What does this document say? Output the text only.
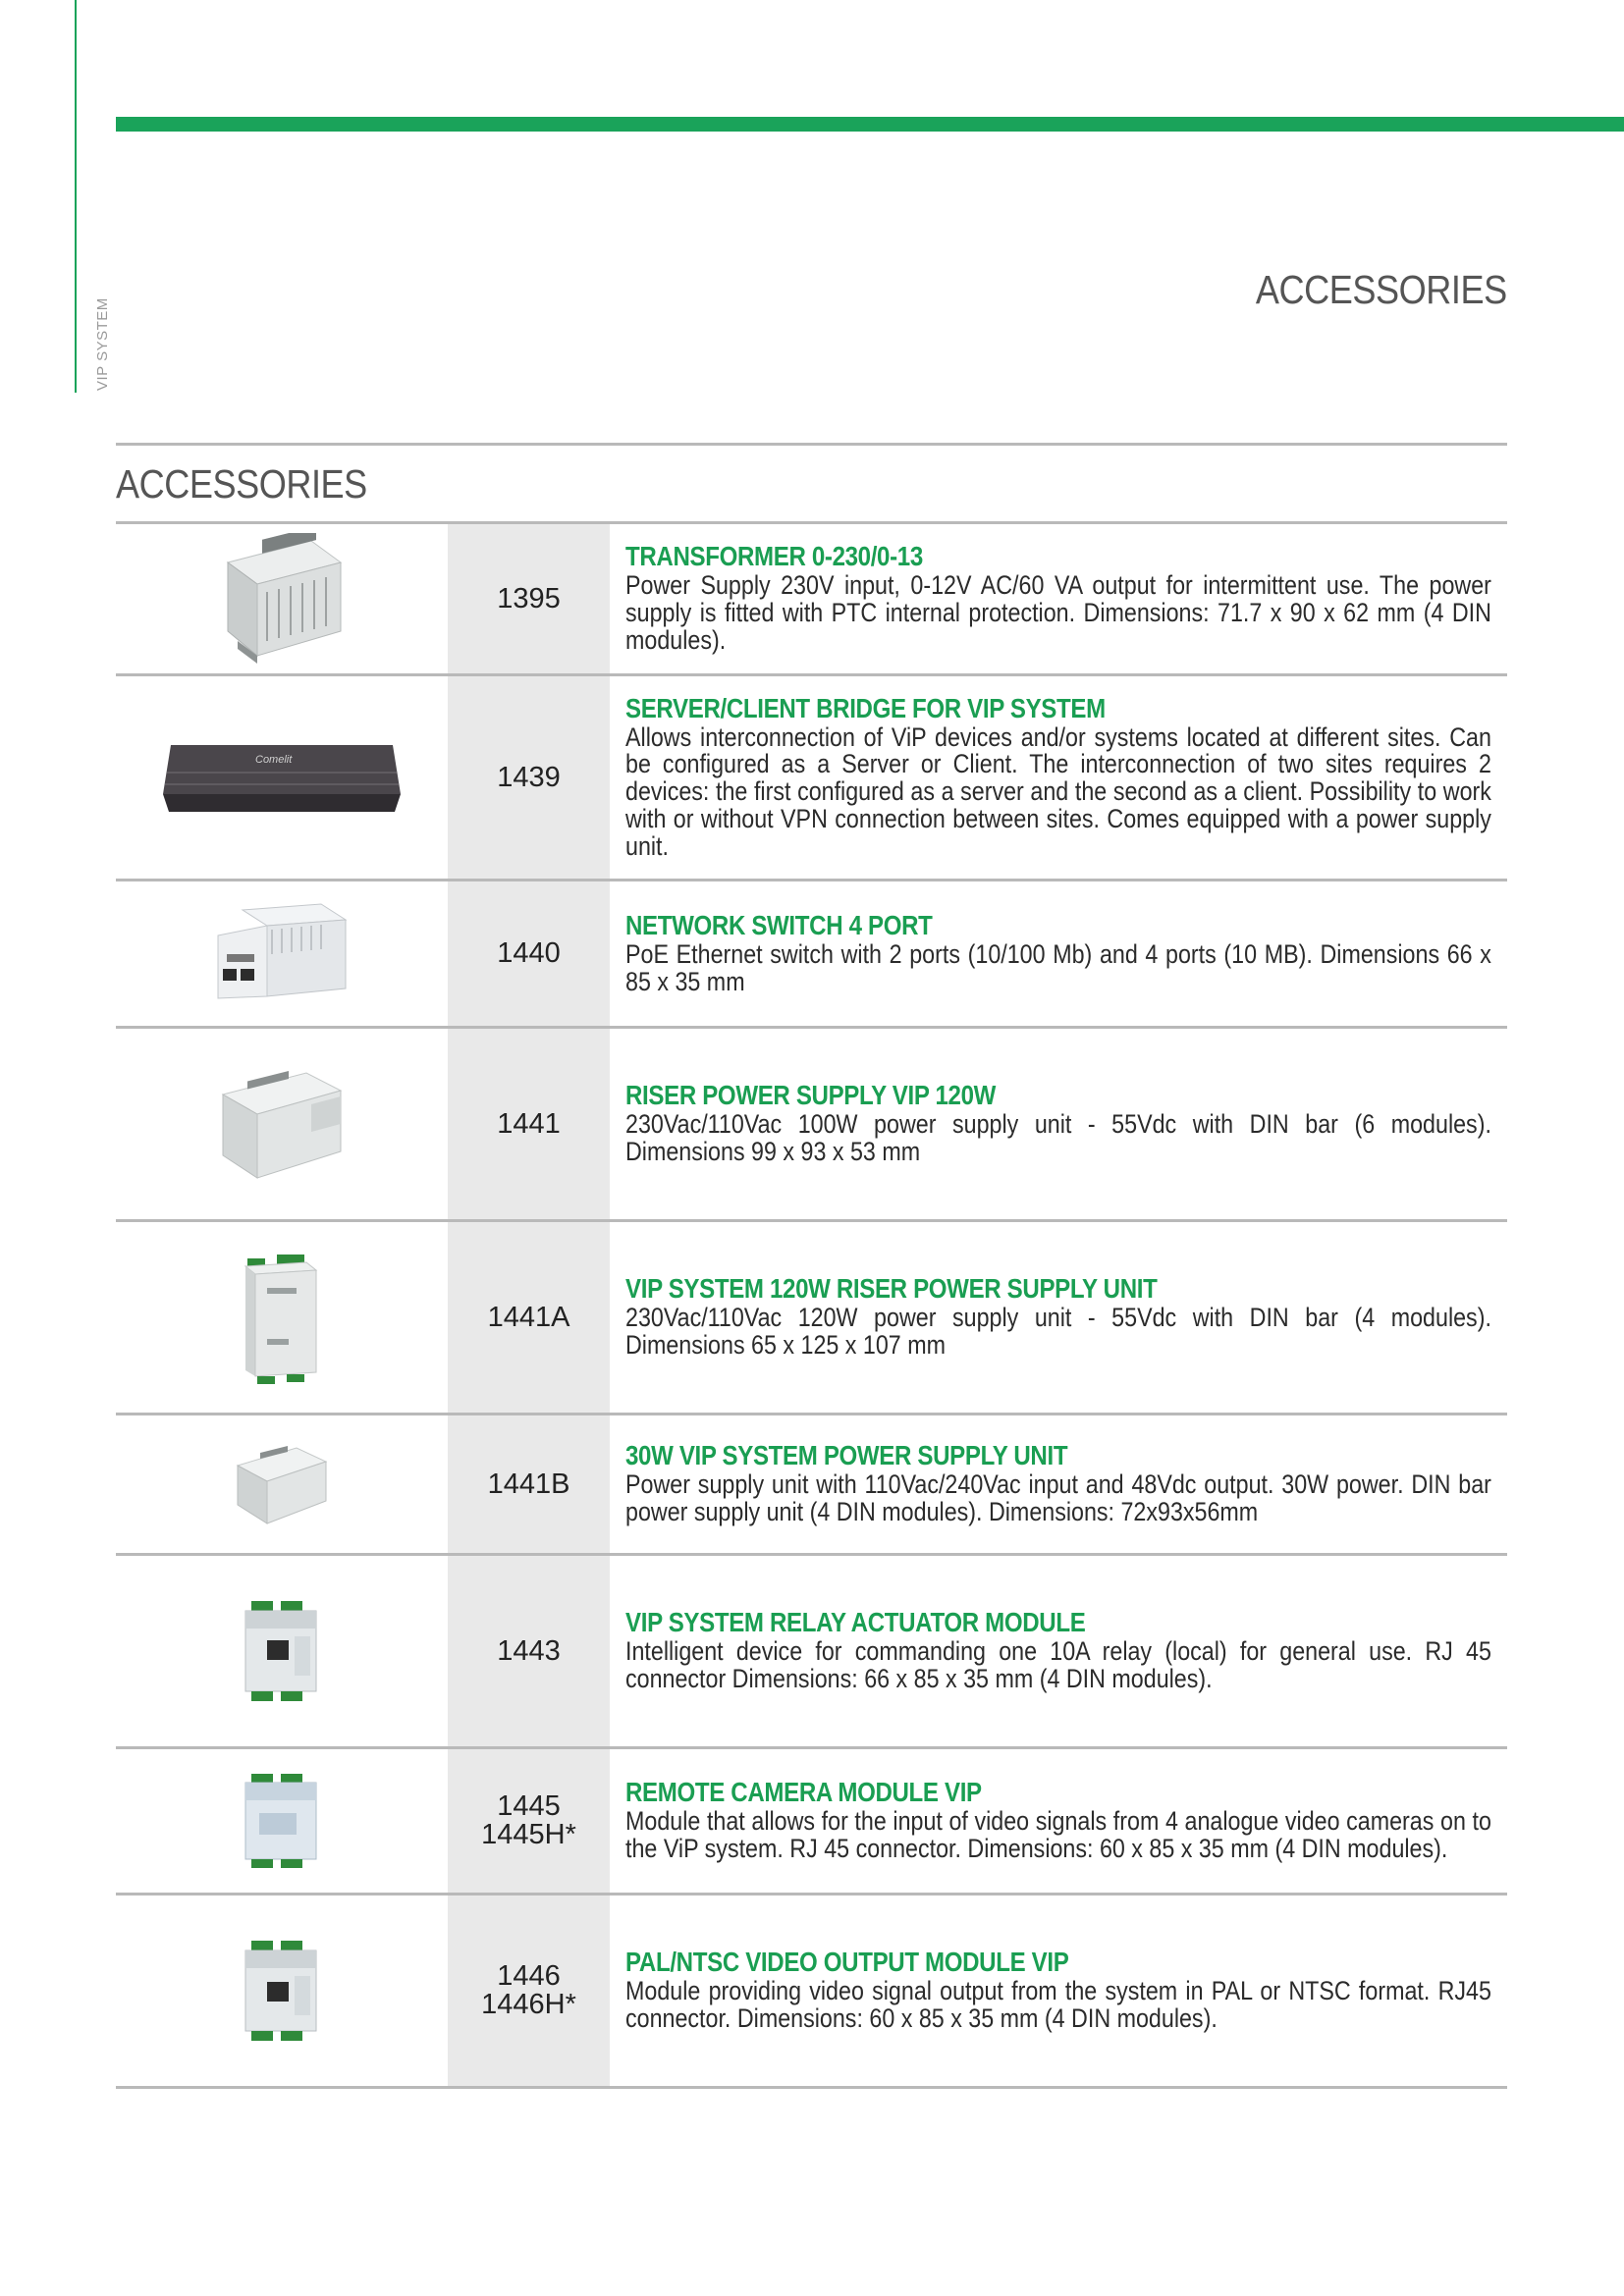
VIP SYSTEM
ACCESSORIES
ACCESSORIES
1395
TRANSFORMER 0-230/0-13
Power Supply 230V input, 0-12V AC/60 VA output for intermittent use. The power supply is fitted with PTC internal protection. Dimensions: 71.7 x 90 x 62 mm (4 DIN modules).
Comelit
1439
SERVER/CLIENT BRIDGE FOR VIP SYSTEM
Allows interconnection of ViP devices and/or systems located at different sites. Can be configured as a Server or Client. The interconnection of two sites requires 2 devices: the first configured as a server and the second as a client. Possibility to work with or without VPN connection between sites. Comes equipped with a power supply unit.
1440
NETWORK SWITCH 4 PORT
PoE Ethernet switch with 2 ports (10/100 Mb) and 4 ports (10 MB). Dimensions 66 x 85 x 35 mm
1441
RISER POWER SUPPLY VIP 120W
230Vac/110Vac 100W power supply unit - 55Vdc with DIN bar (6 modules). Dimensions 99 x 93 x 53 mm
1441A
VIP SYSTEM 120W RISER POWER SUPPLY UNIT
230Vac/110Vac 120W power supply unit - 55Vdc with DIN bar (4 modules). Dimensions 65 x 125 x 107 mm
1441B
30W VIP SYSTEM POWER SUPPLY UNIT
Power supply unit with 110Vac/240Vac input and 48Vdc output. 30W power. DIN bar power supply unit (4 DIN modules). Dimensions: 72x93x56mm
1443
VIP SYSTEM RELAY ACTUATOR MODULE
Intelligent device for commanding one 10A relay (local) for general use. RJ 45 connector Dimensions: 66 x 85 x 35 mm (4 DIN modules).
1445
1445H*
REMOTE CAMERA MODULE VIP
Module that allows for the input of video signals from 4 analogue video cameras on to the ViP system. RJ 45 connector. Dimensions: 60 x 85 x 35 mm (4 DIN modules).
1446
1446H*
PAL/NTSC VIDEO OUTPUT MODULE VIP
Module providing video signal output from the system in PAL or NTSC format. RJ45 connector. Dimensions: 60 x 85 x 35 mm (4 DIN modules).
